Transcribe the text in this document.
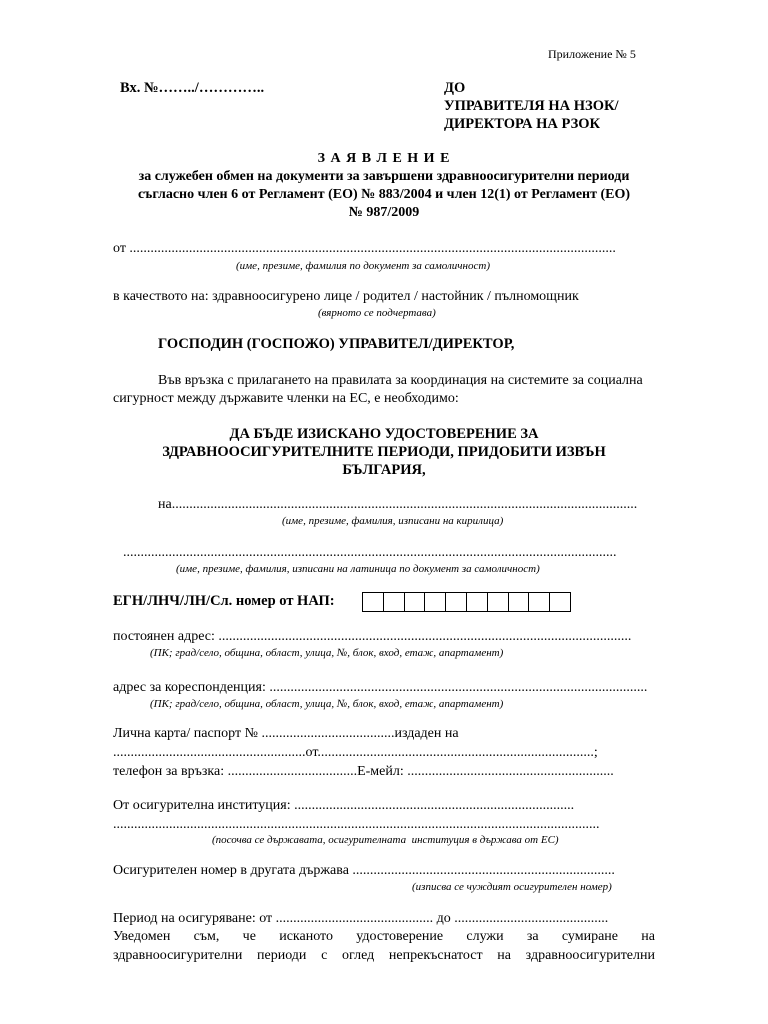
Приложение № 5
Вх. №……../…………..	ДО
УПРАВИТЕЛЯ НА НЗОК/
ДИРЕКТОРА НА РЗОК
З А Я В Л Е Н И Е
за служебен обмен на документи за завършени здравноосигурителни периоди
съгласно член 6 от Регламент (ЕО) № 883/2004 и член 12(1) от Регламент (ЕО)
№ 987/2009
от ...........................................................................................................................................
(име, презиме, фамилия по документ за самоличност)
в качеството на: здравноосигурено лице / родител / настойник / пълномощник
(вярното се подчертава)
ГОСПОДИН (ГОСПОЖО) УПРАВИТЕЛ/ДИРЕКТОР,
Във връзка с прилагането на правилата за координация на системите за социална
сигурност между държавите членки на ЕС, е необходимо:
ДА БЪДЕ ИЗИСКАНО УДОСТОВЕРЕНИЕ ЗА
ЗДРАВНООСИГУРИТЕЛНИТЕ ПЕРИОДИ, ПРИДОБИТИ ИЗВЪН
БЪЛГАРИЯ,
на.....................................................................................................................................
(име, презиме, фамилия, изписани на кирилица)
.............................................................................................................................................
(име, презиме, фамилия, изписани на латиница по документ за самоличност)
ЕГН/ЛНЧ/ЛН/Сл. номер от НАП:
постоянен адрес: ......................................................................................................................
(ПК; град/село, община, област, улица, №, блок, вход, етаж, апартамент)
адрес за кореспонденция: ............................................................................................................
(ПК; град/село, община, област, улица, №, блок, вход, етаж, апартамент)
Лична карта/ паспорт № ......................................издаден на
.......................................................от...............................................................................;
телефон за връзка: .....................................Е-мейл: ...........................................................
От осигурителна институция: ................................................................................
...........................................................................................................................................
(посочва се държавата, осигурителната  институция в държава от ЕС)
Осигурителен номер в другата държава ...........................................................................
(изписва се чуждият осигурителен номер)
Период на осигуряване: от ............................................. до ............................................
Уведомен съм, че исканото удостоверение служи за сумиране на
здравноосигурителни периоди с оглед непрекъснатост на здравноосигурителни
